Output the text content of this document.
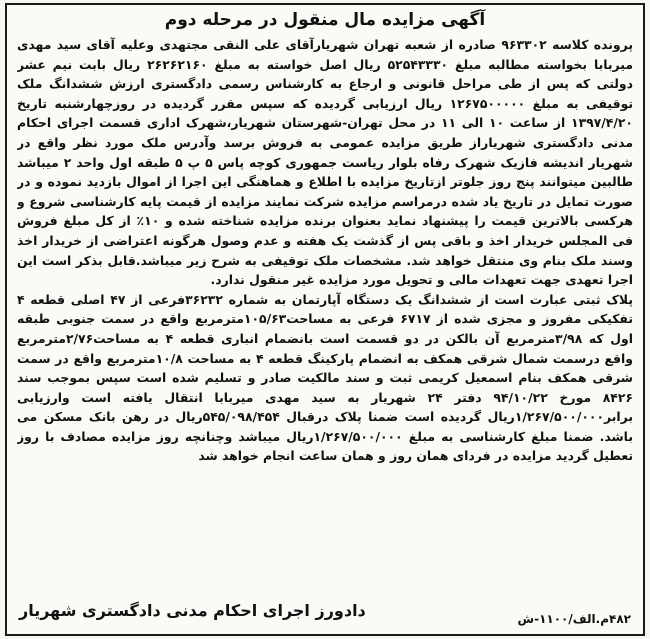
آگهی مزایده مال منقول در مرحله دوم

پرونده کلاسه ۹۶۳۳۰۲ صادره از شعبه تهران شهریارآقای علی النقی مجتهدی وعلیه آقای سید مهدی میربابا بخواسته مطالبه مبلغ ۵۲۵۴۳۳۳۰ ریال اصل خواسته به مبلغ ۲۶۲۶۲۱۶۰ ریال بابت نیم عشر دولتی که پس از طی مراحل قانونی و ارجاع به کارشناس رسمی دادگستری ارزش ششدانگ ملک توقیفی به مبلغ ۱۲۶۷۵۰۰۰۰۰ ریال ارزیابی گردیده که سپس مقرر گردیده در روزچهارشنبه تاریخ ۱۳۹۷/۴/۲۰ از ساعت ۱۰ الی ۱۱ در محل تهران-شهرستان شهریار،شهرک اداری قسمت اجرای احکام مدنی دادگستری شهریاراز طریق مزایده عمومی به فروش برسد وآدرس ملک مورد نظر واقع در شهریار اندیشه فازیک شهرک رفاه بلوار ریاست جمهوری کوچه پاس ۵ پ ۵ طبقه اول واحد ۲ میباشد طالبین میتوانند پنج روز جلوتر ازتاریخ مزایده با اطلاع و هماهنگی این اجرا از اموال بازدید نموده و در صورت تمایل در تاریخ یاد شده درمراسم مزایده شرکت نمایند مزایده از قیمت پایه کارشناسی شروع و هرکسی بالاترین قیمت را پیشنهاد نماید بعنوان برنده مزایده شناخته شده و ۱۰٪ از کل مبلغ فروش فی المجلس خریدار اخذ و باقی پس از گذشت یک هفته و عدم وصول هرگونه اعتراضی از خریدار اخذ وسند ملک بنام وی منتقل خواهد شد. مشخصات ملک توقیفی به شرح زیر میباشد.قابل بذکر است این اجرا تعهدی جهت تعهدات مالی و تحویل مورد مزایده غیر منقول ندارد.

پلاک ثبتی عبارت است از ششدانگ یک دستگاه آپارتمان به شماره ۳۶۲۳۲فرعی از ۴۷ اصلی قطعه ۴ تفکیکی مفروز و مجزی شده از ۶۷۱۷ فرعی به مساحت۱۰۵/۶۳مترمربع واقع در سمت جنوبی طبقه اول که ۳/۹۸مترمربع آن بالکن در دو قسمت است بانضمام انباری قطعه ۴ به مساحت۲/۷۶مترمربع واقع درسمت شمال شرقی همکف به انضمام پارکینگ قطعه ۴ به مساحت ۱۰/۸مترمربع واقع در سمت شرقی همکف بنام اسمعیل کریمی ثبت و سند مالکیت صادر و تسلیم شده است سپس بموجب سند ۸۴۲۶ مورخ ۹۴/۱۰/۲۲ دفتر ۲۴ شهریار به سید مهدی میربابا انتقال یافته است وارزیابی برابر۱/۲۶۷/۵۰۰/۰۰۰ریال گردیده است ضمنا پلاک درقبال ۵۴۵/۰۹۸/۴۵۴ریال در رهن بانک مسکن می باشد. ضمنا مبلغ کارشناسی به مبلغ ۱/۲۶۷/۵۰۰/۰۰۰ریال میباشد وچنانچه روز مزایده مصادف با روز تعطیل گردید مزایده در فردای همان روز و همان ساعت انجام خواهد شد

۴۸۲م.الف/۱۱۰۰-ش
دادورز اجرای احکام مدنی دادگستری شهریار
